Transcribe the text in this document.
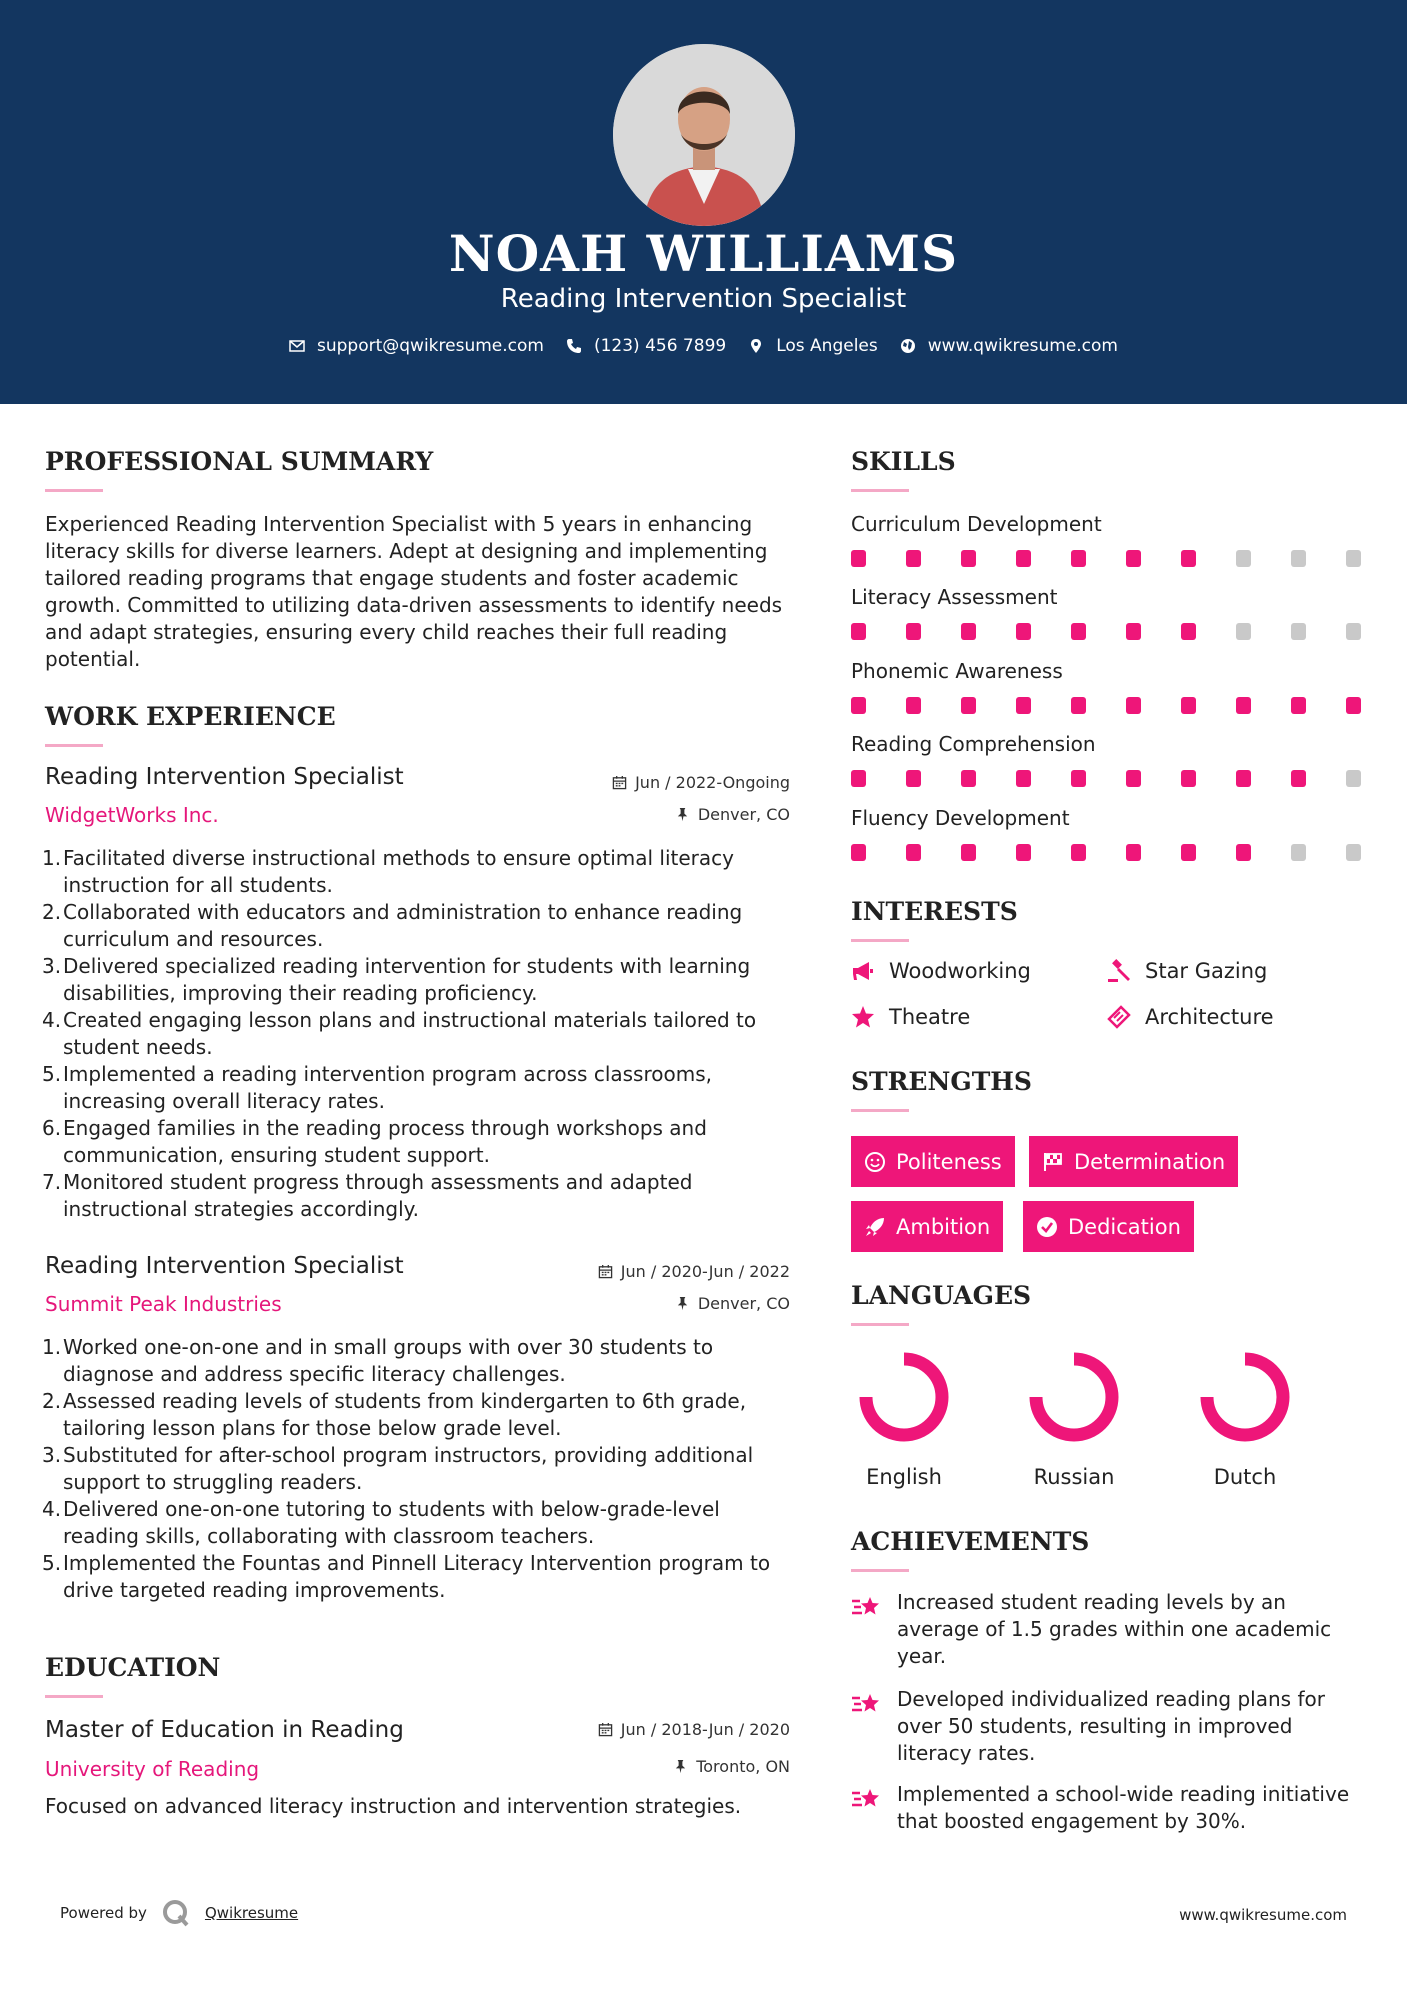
NOAH WILLIAMS
Reading Intervention Specialist
support@qwikresume.com	(123) 456 7899	Los Angeles	www.qwikresume.com
PROFESSIONAL SUMMARY
Experienced Reading Intervention Specialist with 5 years in enhancing literacy skills for diverse learners. Adept at designing and implementing tailored reading programs that engage students and foster academic growth. Committed to utilizing data-driven assessments to identify needs and adapt strategies, ensuring every child reaches their full reading potential.
WORK EXPERIENCE
Reading Intervention Specialist	Jun / 2022-Ongoing
WidgetWorks Inc.	Denver, CO
Facilitated diverse instructional methods to ensure optimal literacy instruction for all students.
Collaborated with educators and administration to enhance reading curriculum and resources.
Delivered specialized reading intervention for students with learning disabilities, improving their reading proficiency.
Created engaging lesson plans and instructional materials tailored to student needs.
Implemented a reading intervention program across classrooms, increasing overall literacy rates.
Engaged families in the reading process through workshops and communication, ensuring student support.
Monitored student progress through assessments and adapted instructional strategies accordingly.
Reading Intervention Specialist	Jun / 2020-Jun / 2022
Summit Peak Industries	Denver, CO
Worked one-on-one and in small groups with over 30 students to diagnose and address specific literacy challenges.
Assessed reading levels of students from kindergarten to 6th grade, tailoring lesson plans for those below grade level.
Substituted for after-school program instructors, providing additional support to struggling readers.
Delivered one-on-one tutoring to students with below-grade-level reading skills, collaborating with classroom teachers.
Implemented the Fountas and Pinnell Literacy Intervention program to drive targeted reading improvements.
EDUCATION
Master of Education in Reading	Jun / 2018-Jun / 2020
University of Reading	Toronto, ON
Focused on advanced literacy instruction and intervention strategies.
SKILLS
Curriculum Development
Literacy Assessment
Phonemic Awareness
Reading Comprehension
Fluency Development
INTERESTS
Woodworking	Star Gazing
Theatre	Architecture
STRENGTHS
Politeness	Determination
Ambition	Dedication
LANGUAGES
English	Russian	Dutch
ACHIEVEMENTS
Increased student reading levels by an average of 1.5 grades within one academic year.
Developed individualized reading plans for over 50 students, resulting in improved literacy rates.
Implemented a school-wide reading initiative that boosted engagement by 30%.
Powered by	Qwikresume	www.qwikresume.com
